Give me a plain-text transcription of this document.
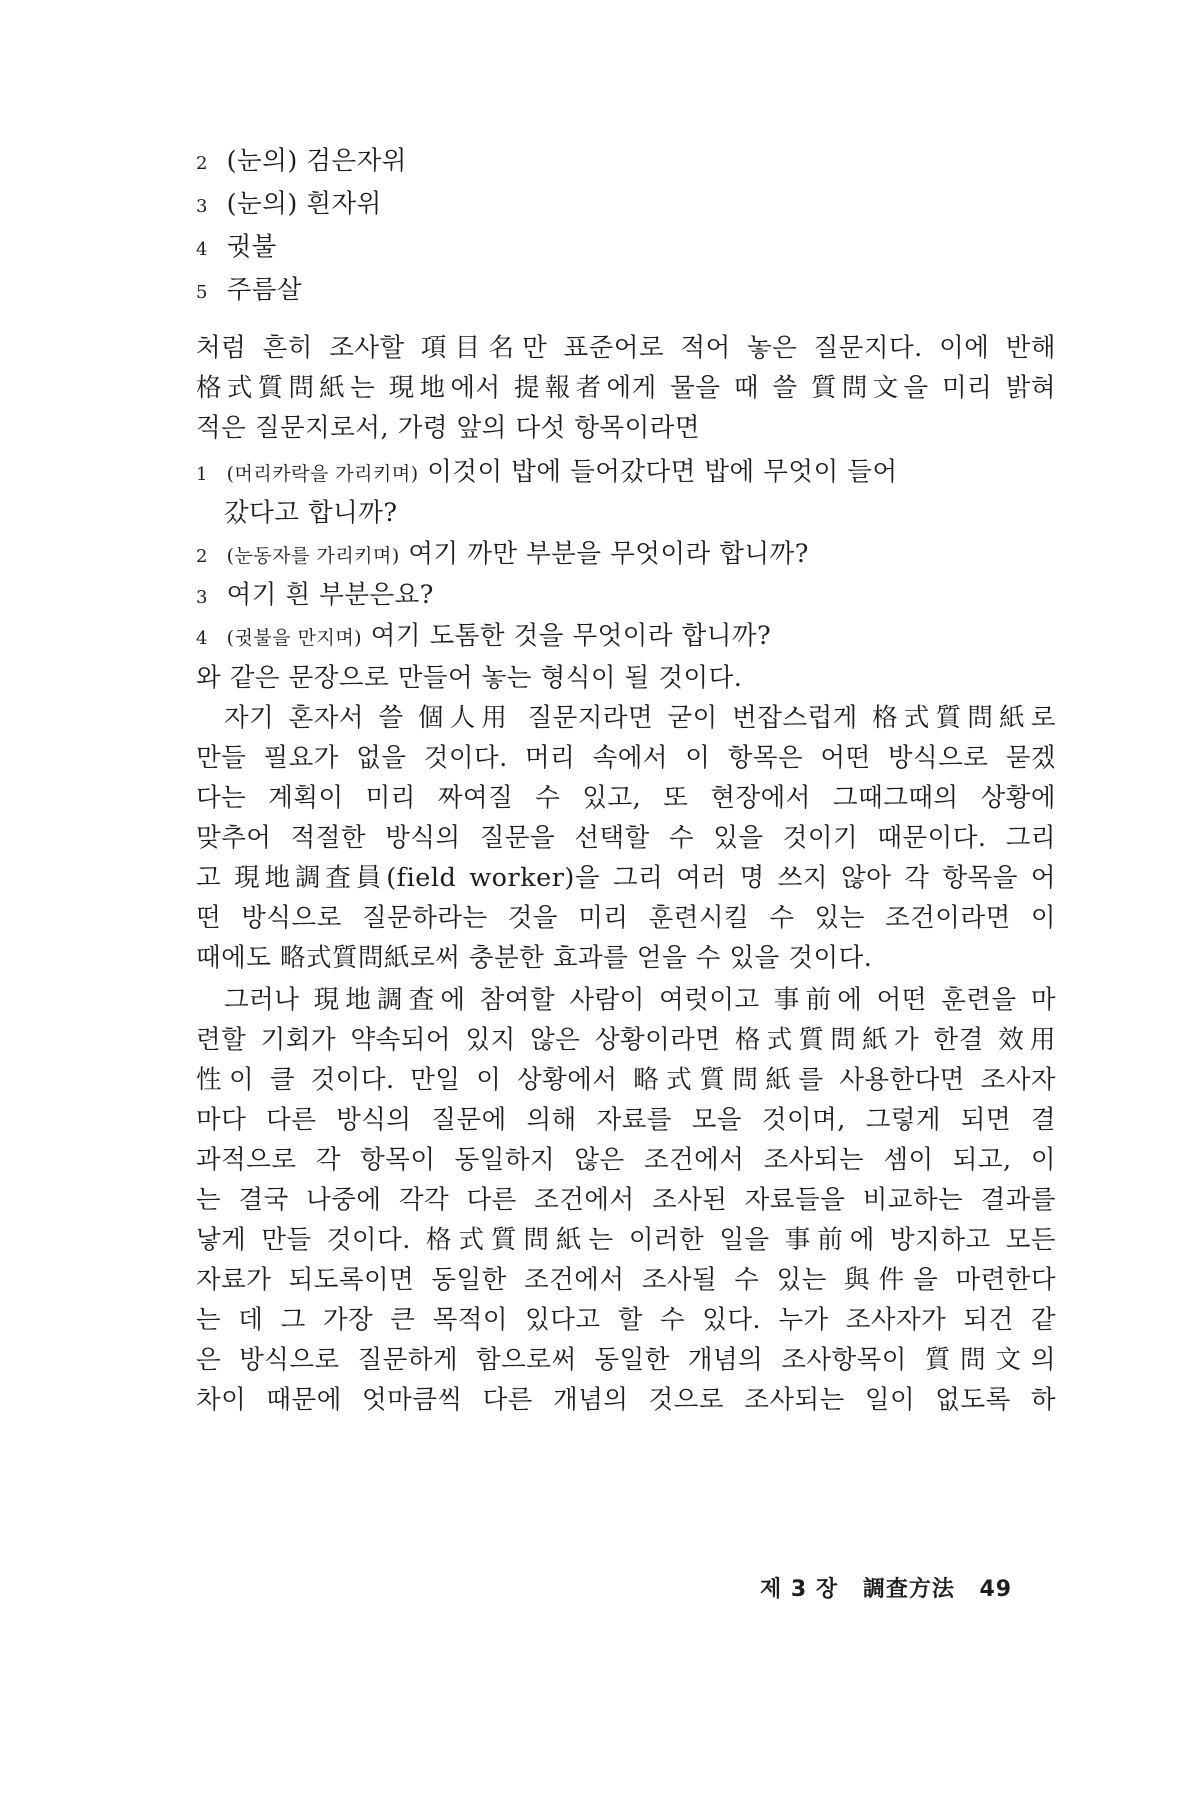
2 (눈의) 검은자위
3 (눈의) 흰자위
4 귓불
5 주름살
처럼 흔히 조사할 項目名만 표준어로 적어 놓은 질문지다. 이에 반해
格式質問紙는 現地에서 提報者에게 물을 때 쓸 質問文을 미리 밝혀
적은 질문지로서, 가령 앞의 다섯 항목이라면
1 (머리카락을 가리키며) 이것이 밥에 들어갔다면 밥에 무엇이 들어
갔다고 합니까?
2 (눈동자를 가리키며) 여기 까만 부분을 무엇이라 합니까?
3 여기 흰 부분은요?
4 (귓불을 만지며) 여기 도톰한 것을 무엇이라 합니까?
와 같은 문장으로 만들어 놓는 형식이 될 것이다.
자기 혼자서 쓸 個人用 질문지라면 굳이 번잡스럽게 格式質問紙로
만들 필요가 없을 것이다. 머리 속에서 이 항목은 어떤 방식으로 묻겠
다는 계획이 미리 짜여질 수 있고, 또 현장에서 그때그때의 상황에
맞추어 적절한 방식의 질문을 선택할 수 있을 것이기 때문이다. 그리
고 現地調査員(field worker)을 그리 여러 명 쓰지 않아 각 항목을 어
떤 방식으로 질문하라는 것을 미리 훈련시킬 수 있는 조건이라면 이
때에도 略式質問紙로써 충분한 효과를 얻을 수 있을 것이다.
그러나 現地調査에 참여할 사람이 여럿이고 事前에 어떤 훈련을 마
련할 기회가 약속되어 있지 않은 상황이라면 格式質問紙가 한결 效用
性이 클 것이다. 만일 이 상황에서 略式質問紙를 사용한다면 조사자
마다 다른 방식의 질문에 의해 자료를 모을 것이며, 그렇게 되면 결
과적으로 각 항목이 동일하지 않은 조건에서 조사되는 셈이 되고, 이
는 결국 나중에 각각 다른 조건에서 조사된 자료들을 비교하는 결과를
낳게 만들 것이다. 格式質問紙는 이러한 일을 事前에 방지하고 모든
자료가 되도록이면 동일한 조건에서 조사될 수 있는 與件을 마련한다
는 데 그 가장 큰 목적이 있다고 할 수 있다. 누가 조사자가 되건 같
은 방식으로 질문하게 함으로써 동일한 개념의 조사항목이 質問文의
차이 때문에 엇마큼씩 다른 개념의 것으로 조사되는 일이 없도록 하
제 3 장 調査方法 49
